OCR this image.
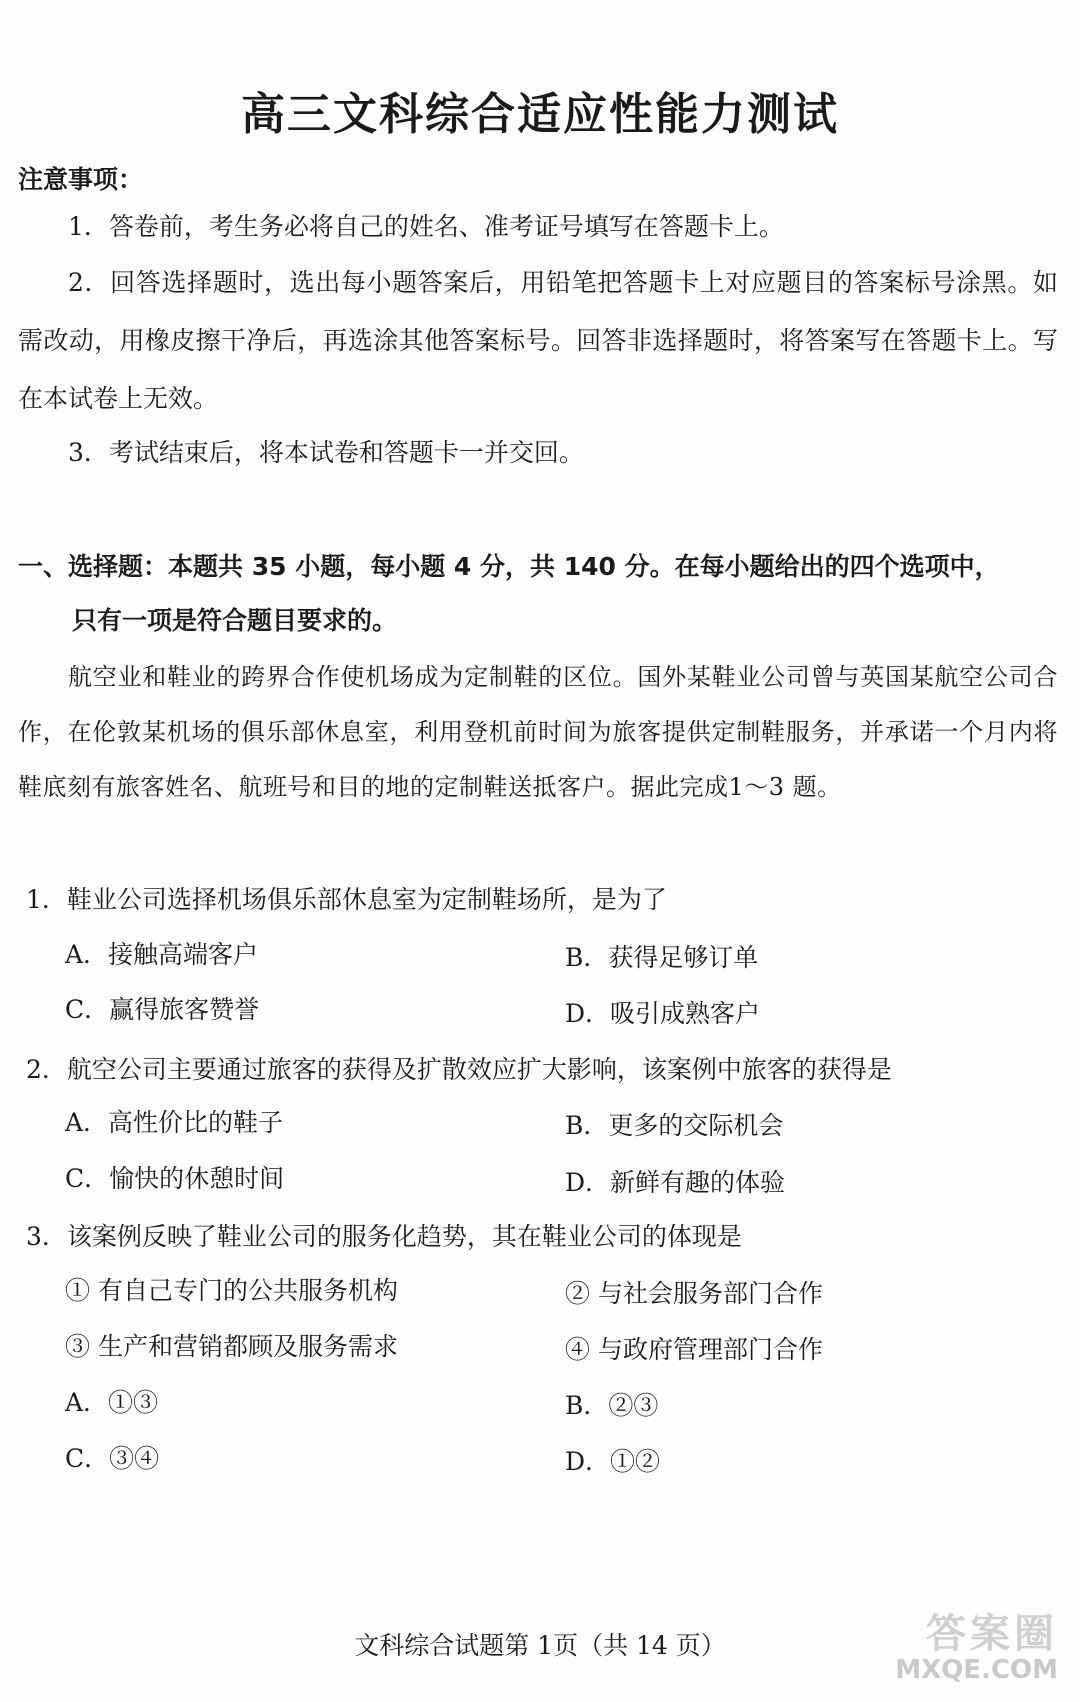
高三文科综合适应性能力测试
注意事项：
1．答卷前，考生务必将自己的姓名、准考证号填写在答题卡上。
2．回答选择题时，选出每小题答案后，用铅笔把答题卡上对应题目的答案标号涂黑。如需改动，用橡皮擦干净后，再选涂其他答案标号。回答非选择题时，将答案写在答题卡上。写在本试卷上无效。
3．考试结束后，将本试卷和答题卡一并交回。
一、选择题：本题共 35 小题，每小题 4 分，共 140 分。在每小题给出的四个选项中，
只有一项是符合题目要求的。
航空业和鞋业的跨界合作使机场成为定制鞋的区位。国外某鞋业公司曾与英国某航空公司合作，在伦敦某机场的俱乐部休息室，利用登机前时间为旅客提供定制鞋服务，并承诺一个月内将鞋底刻有旅客姓名、航班号和目的地的定制鞋送抵客户。据此完成1～3 题。
1．鞋业公司选择机场俱乐部休息室为定制鞋场所，是为了
A．接触高端客户	B．获得足够订单
C．赢得旅客赞誉	D．吸引成熟客户
2．航空公司主要通过旅客的获得及扩散效应扩大影响，该案例中旅客的获得是
A．高性价比的鞋子	B．更多的交际机会
C．愉快的休憩时间	D．新鲜有趣的体验
3．该案例反映了鞋业公司的服务化趋势，其在鞋业公司的体现是
① 有自己专门的公共服务机构	② 与社会服务部门合作
③ 生产和营销都顾及服务需求	④ 与政府管理部门合作
A．①③	B．②③
C．③④	D．①②
文科综合试题第 1页（共 14 页）	答案圈
MXQE.COM
